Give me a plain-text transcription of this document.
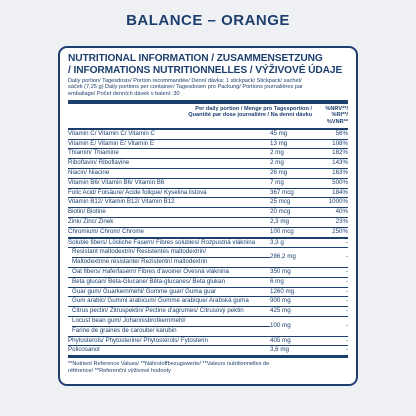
BALANCE – ORANGE
NUTRITIONAL INFORMATION / ZUSAMMENSETZUNG
/ INFORMATIONS NUTRITIONNELLES / VÝŽIVOVÉ ÚDAJE
Daily portion/ Tagesdosis/ Portion recommandée/ Denní dávka: 1 stickpack/ Stickpack/ sachet/
sáček (7,25 g) Daily portions per container/ Tagesdosen pro Packung/ Portions journalières par
emballage/ Počet denních dávek v balení: 30
Per daily portion / Menge pro Tagesportion /
Quantité par dose journalière / Na denní dávku
%NRV**/ %RI**/
%VNR**
Vitamin C/ Vitamin C/ Vitamin C	45 mg	56%
Vitamin E/ Vitamin E/ Vitamin E	13 mg	108%
Thiamin/ Thiamine	2 mg	182%
Riboflavin/ Riboflavine	2 mg	143%
Niacin/ Niacine	26 mg	163%
Vitamin B6/ Vitamin B6/ Vitamin B6	7 mg	500%
Folic Acid/ Folsäure/ Acide folique/ Kyselina listová	367 mcg	184%
Vitamin B12/ Vitamin B12/ Vitamin B12	25 mcg	1000%
Biotin/ Biotine	20 mcg	40%
Zink/ Zinc/ Zinek	2,3 mg	23%
Chromium/ Chrom/ Chrome	100 mcg	250%
Soluble fibers/ Lösliche Fasern/ Fibres solubles/ Rozpustná vláknina	3,3 g	-
Resistant maltodextrin/ Resistentes maltodextrin/
Maltodextrine résistante/ Rezistentní maltodextrin
286,2 mg	-
Oat fibers/ Haferfasern/ Fibres d'avoine/ Ovesná vláknina	350 mg	-
Beta glucan/ Beta-Glucane/ Bêta-glucanes/ Beta glukan	6 mg	-
Guar gum/ Guarkernmehl/ Gomme guar/ Guma guar	1260 mg	-
Gum arabic/ Gummi arabicum/ Gomme arabique/ Arabská guma	900 mg	-
Citrus pectin/ Zitruspektin/ Pectine d'agrumes/ Citrusový pektin	425 mg	-
Locust bean gum/ Johannisbrotkernmehl/
Farine de graines de caroube/ karubin
100 mg	-
Phytosterols/ Phytosterine/ Phytostérols/ Fytosterin	405 mg	-
Policosanol	3,6 mg	-
**Nutrient Reference Values/ **Nährstoffbezugswerte/ **Valeurs nutritionnelles de
référence/ **Referenční výživové hodnoty
